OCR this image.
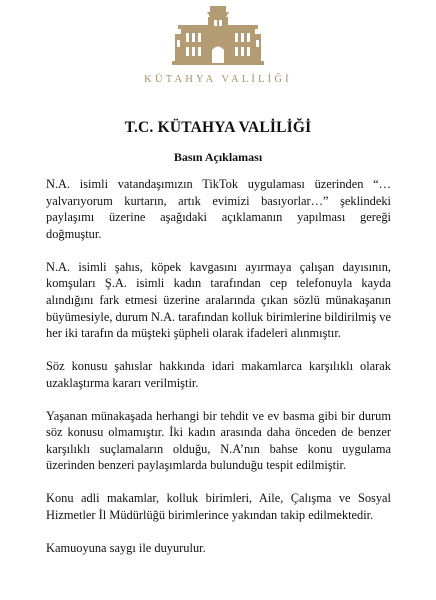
KÜTAHYA VALİLİĞİ
T.C. KÜTAHYA VALİLİĞİ
Basın Açıklaması

N.A. isimli vatandaşımızın TikTok uygulaması üzerinden “… yalvarıyorum kurtarın, artık evimizi basıyorlar…” şeklindeki paylaşımı üzerine aşağıdaki açıklamanın yapılması gereği doğmuştur.

N.A. isimli şahıs, köpek kavgasını ayırmaya çalışan dayısının, komşuları Ş.A. isimli kadın tarafından cep telefonuyla kayda alındığını fark etmesi üzerine aralarında çıkan sözlü münakaşanın büyümesiyle, durum N.A. tarafından kolluk birimlerine bildirilmiş ve her iki tarafın da müşteki şüpheli olarak ifadeleri alınmıştır.

Söz konusu şahıslar hakkında idari makamlarca karşılıklı olarak uzaklaştırma kararı verilmiştir.

Yaşanan münakaşada herhangi bir tehdit ve ev basma gibi bir durum söz konusu olmamıştır. İki kadın arasında daha önceden de benzer karşılıklı suçlamaların olduğu, N.A’nın bahse konu uygulama üzerinden benzeri paylaşımlarda bulunduğu tespit edilmiştir.

Konu adli makamlar, kolluk birimleri, Aile, Çalışma ve Sosyal Hizmetler İl Müdürlüğü birimlerince yakından takip edilmektedir.

Kamuoyuna saygı ile duyurulur.
